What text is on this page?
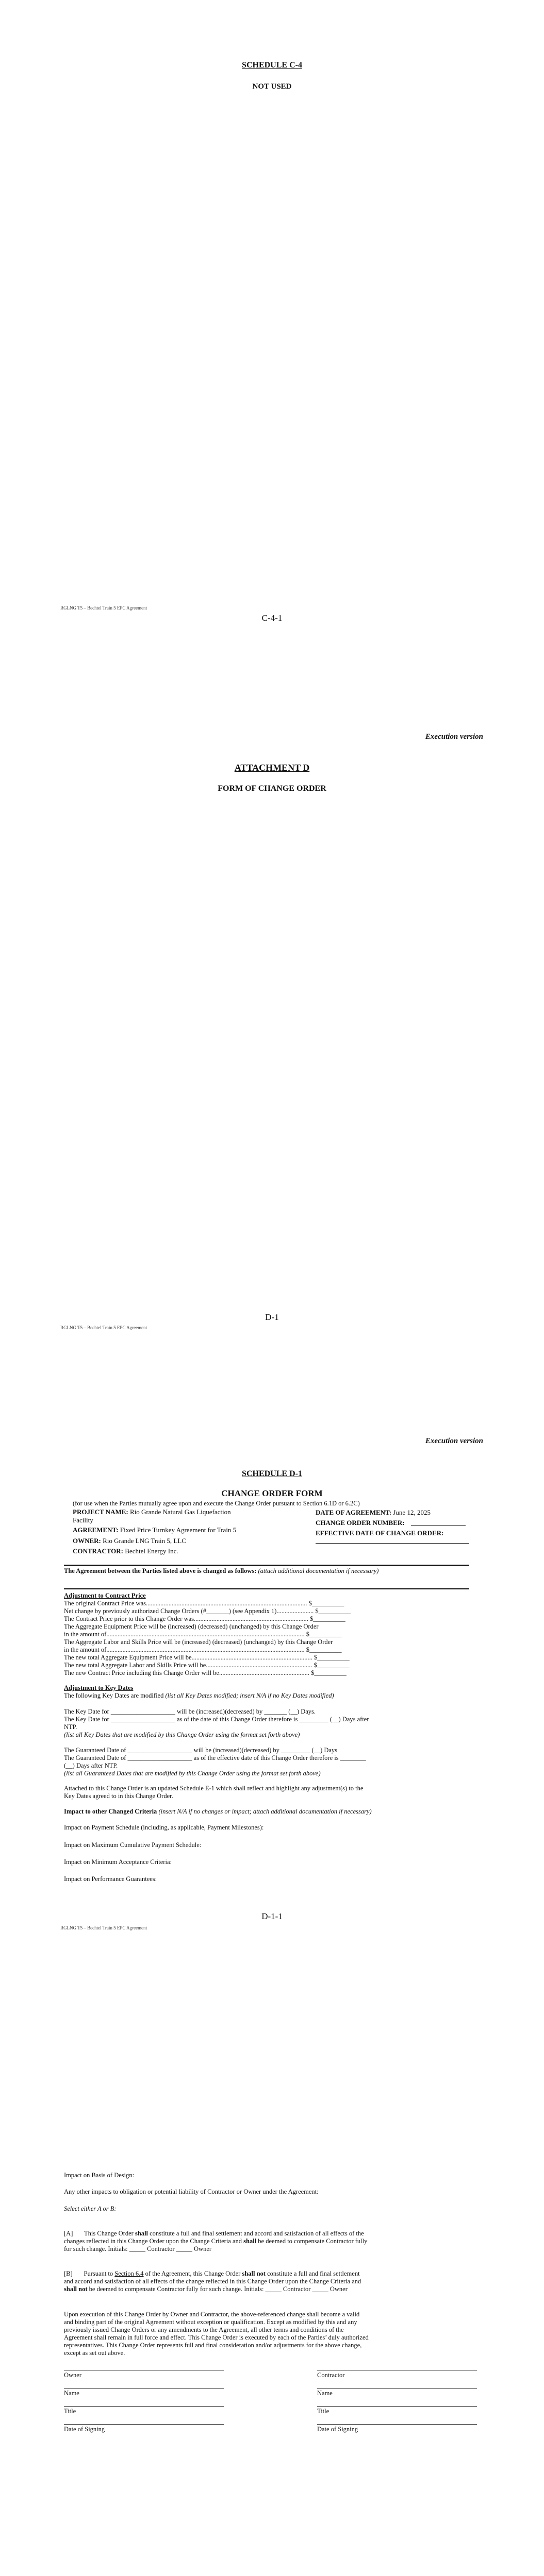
SCHEDULE C-4
NOT USED
RGLNG T5 – Bechtel Train 5 EPC Agreement
C-4-1
Execution version
ATTACHMENT D
FORM OF CHANGE ORDER
D-1
RGLNG T5 – Bechtel Train 5 EPC Agreement
Execution version
SCHEDULE D-1
CHANGE ORDER FORM
(for use when the Parties mutually agree upon and execute the Change Order pursuant to Section 6.1D or 6.2C)
PROJECT NAME: Rio Grande Natural Gas Liquefaction Facility
AGREEMENT: Fixed Price Turnkey Agreement for Train 5
OWNER: Rio Grande LNG Train 5, LLC
CONTRACTOR: Bechtel Energy Inc.
DATE OF AGREEMENT: June 12, 2025
CHANGE ORDER NUMBER:
EFFECTIVE DATE OF CHANGE ORDER:
The Agreement between the Parties listed above is changed as follows: (attach additional documentation if necessary)
Adjustment to Contract Price
The original Contract Price was.................................................................................................... $__________
Net change by previously authorized Change Orders (#_______) (see Appendix 1)....................... $__________
The Contract Price prior to this Change Order was....................................................................... $__________
The Aggregate Equipment Price will be (increased) (decreased) (unchanged) by this Change Order
in the amount of........................................................................................................................... $__________
The Aggregate Labor and Skills Price will be (increased) (decreased) (unchanged) by this Change Order
in the amount of........................................................................................................................... $__________
The new total Aggregate Equipment Price will be........................................................................... $__________
The new total Aggregate Labor and Skills Price will be.................................................................. $__________
The new Contract Price including this Change Order will be........................................................ $__________
Adjustment to Key Dates
The following Key Dates are modified (list all Key Dates modified; insert N/A if no Key Dates modified)
The Key Date for ____________________ will be (increased)(decreased) by _______ (__) Days.
The Key Date for ____________________ as of the date of this Change Order therefore is _________ (__) Days after
NTP.
(list all Key Dates that are modified by this Change Order using the format set forth above)
The Guaranteed Date of ____________________ will be (increased)(decreased) by _________ (__) Days
The Guaranteed Date of ____________________ as of the effective date of this Change Order therefore is ________
(__) Days after NTP.
(list all Guaranteed Dates that are modified by this Change Order using the format set forth above)
Attached to this Change Order is an updated Schedule E-1 which shall reflect and highlight any adjustment(s) to the
Key Dates agreed to in this Change Order.
Impact to other Changed Criteria (insert N/A if no changes or impact; attach additional documentation if necessary)
Impact on Payment Schedule (including, as applicable, Payment Milestones):
Impact on Maximum Cumulative Payment Schedule:
Impact on Minimum Acceptance Criteria:
Impact on Performance Guarantees:
D-1-1
RGLNG T5 – Bechtel Train 5 EPC Agreement
Impact on Basis of Design:
Any other impacts to obligation or potential liability of Contractor or Owner under the Agreement:
Select either A or B:
[A] This Change Order shall constitute a full and final settlement and accord and satisfaction of all effects of the
changes reflected in this Change Order upon the Change Criteria and shall be deemed to compensate Contractor fully
for such change. Initials: _____ Contractor _____ Owner
[B] Pursuant to Section 6.4 of the Agreement, this Change Order shall not constitute a full and final settlement
and accord and satisfaction of all effects of the change reflected in this Change Order upon the Change Criteria and
shall not be deemed to compensate Contractor fully for such change. Initials: _____ Contractor _____ Owner
Upon execution of this Change Order by Owner and Contractor, the above-referenced change shall become a valid
and binding part of the original Agreement without exception or qualification. Except as modified by this and any
previously issued Change Orders or any amendments to the Agreement, all other terms and conditions of the
Agreement shall remain in full force and effect. This Change Order is executed by each of the Parties’ duly authorized
representatives. This Change Order represents full and final consideration and/or adjustments for the above change,
except as set out above.
Owner
Name
Title
Date of Signing
Contractor
Name
Title
Date of Signing
